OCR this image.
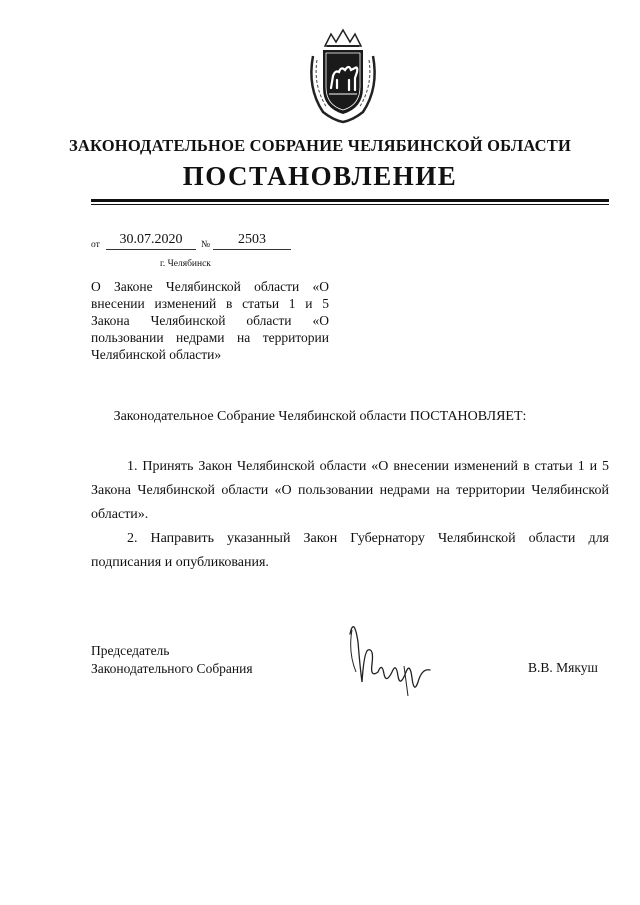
ЗАКОНОДАТЕЛЬНОЕ СОБРАНИЕ ЧЕЛЯБИНСКОЙ ОБЛАСТИ
ПОСТАНОВЛЕНИЕ
от	30.07.2020	№	2503
г. Челябинск
О Законе Челябинской области «О внесении изменений в статьи 1 и 5 Закона Челябинской области «О пользовании недрами на территории Челябинской области»
Законодательное Собрание Челябинской области ПОСТАНОВЛЯЕТ:
1. Принять Закон Челябинской области «О внесении изменений в статьи 1 и 5 Закона Челябинской области «О пользовании недрами на территории Челябинской области».
2. Направить указанный Закон Губернатору Челябинской области для подписания и опубликования.
Председатель
Законодательного Собрания	В.В. Мякуш
